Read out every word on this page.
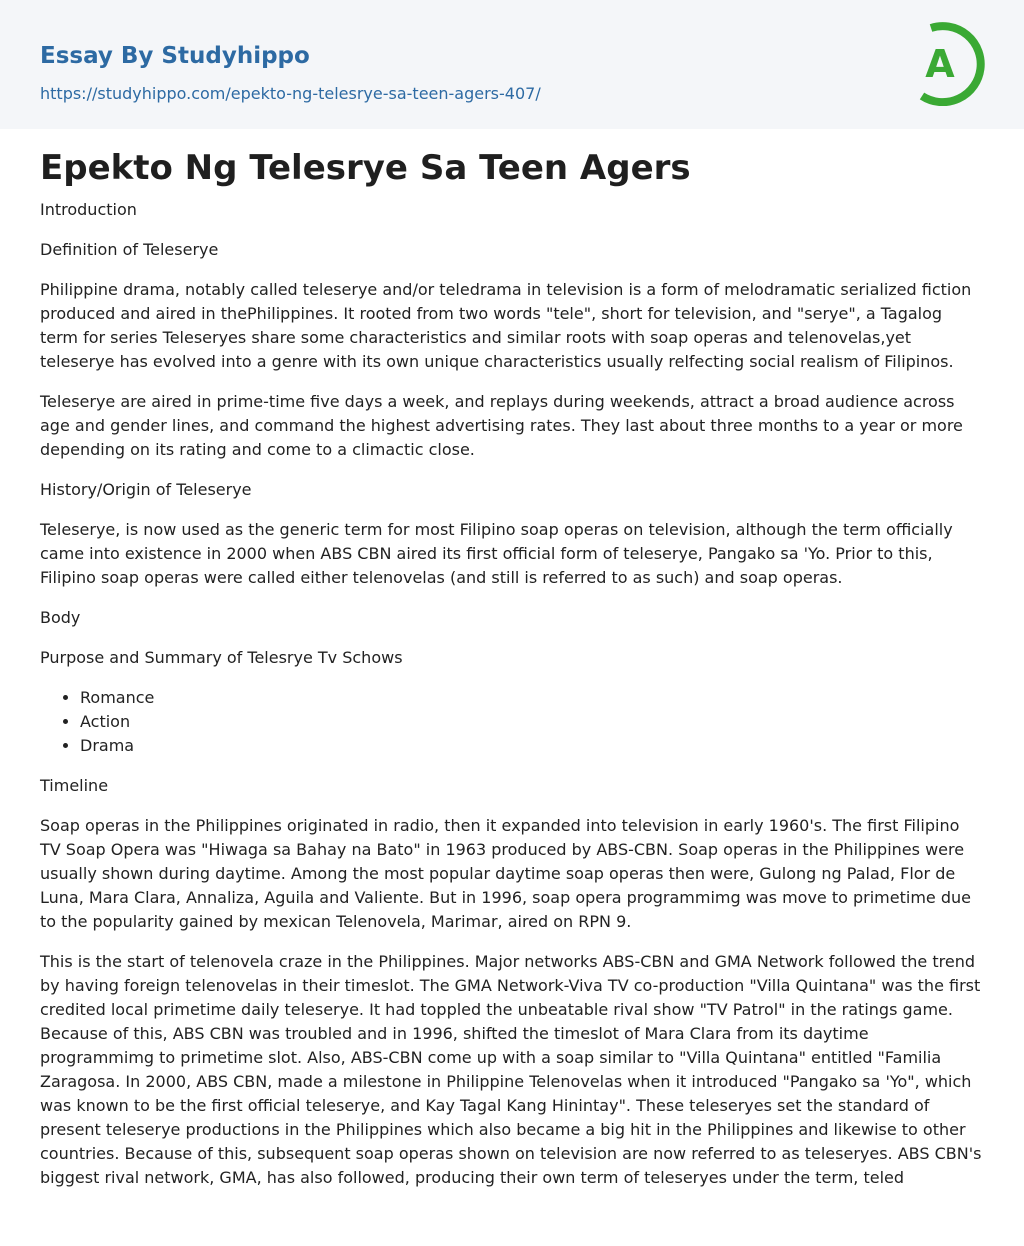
Essay By Studyhippo
https://studyhippo.com/epekto-ng-telesrye-sa-teen-agers-407/
A
Epekto Ng Telesrye Sa Teen Agers

Introduction

Definition of Teleserye

Philippine drama, notably called teleserye and/or teledrama in television is a form of melodramatic serialized fiction produced and aired in thePhilippines. It rooted from two words "tele", short for television, and "serye", a Tagalog term for series Teleseryes share some characteristics and similar roots with soap operas and telenovelas,yet teleserye has evolved into a genre with its own unique characteristics usually relfecting social realism of Filipinos.

Teleserye are aired in prime-time five days a week, and replays during weekends, attract a broad audience across age and gender lines, and command the highest advertising rates. They last about three months to a year or more depending on its rating and come to a climactic close.

History/Origin of Teleserye

Teleserye, is now used as the generic term for most Filipino soap operas on television, although the term officially came into existence in 2000 when ABS CBN aired its first official form of teleserye, Pangako sa 'Yo. Prior to this, Filipino soap operas were called either telenovelas (and still is referred to as such) and soap operas.

Body

Purpose and Summary of Telesrye Tv Schows

• Romance
• Action
• Drama

Timeline

Soap operas in the Philippines originated in radio, then it expanded into television in early 1960's. The first Filipino TV Soap Opera was "Hiwaga sa Bahay na Bato" in 1963 produced by ABS-CBN. Soap operas in the Philippines were usually shown during daytime. Among the most popular daytime soap operas then were, Gulong ng Palad, Flor de Luna, Mara Clara, Annaliza, Aguila and Valiente. But in 1996, soap opera programmimg was move to primetime due to the popularity gained by mexican Telenovela, Marimar, aired on RPN 9.

This is the start of telenovela craze in the Philippines. Major networks ABS-CBN and GMA Network followed the trend by having foreign telenovelas in their timeslot. The GMA Network-Viva TV co-production "Villa Quintana" was the first credited local primetime daily teleserye. It had toppled the unbeatable rival show "TV Patrol" in the ratings game. Because of this, ABS CBN was troubled and in 1996, shifted the timeslot of Mara Clara from its daytime programmimg to primetime slot. Also, ABS-CBN come up with a soap similar to "Villa Quintana" entitled "Familia Zaragosa. In 2000, ABS CBN, made a milestone in Philippine Telenovelas when it introduced "Pangako sa 'Yo", which was known to be the first official teleserye, and Kay Tagal Kang Hinintay". These teleseryes set the standard of present teleserye productions in the Philippines which also became a big hit in the Philippines and likewise to other countries. Because of this, subsequent soap operas shown on television are now referred to as teleseryes. ABS CBN's biggest rival network, GMA, has also followed, producing their own term of teleseryes under the term, teled
